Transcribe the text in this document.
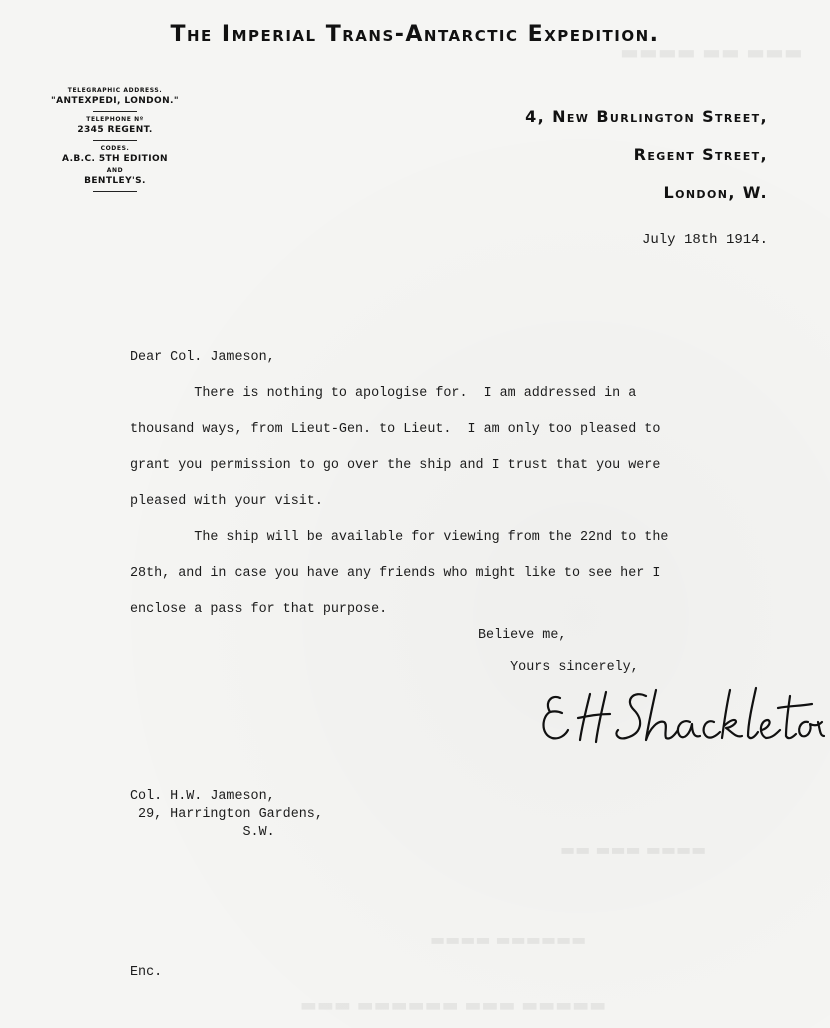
▬▬▬ ▬▬ ▬▬▬▬
▬▬▬▬ ▬▬▬ ▬▬
▬▬▬▬▬▬ ▬▬▬▬
▬▬▬▬▬ ▬▬▬ ▬▬▬▬▬▬ ▬▬▬
The Imperial Trans-Antarctic Expedition.
TELEGRAPHIC ADDRESS.
"ANTEXPEDI, LONDON."
TELEPHONE Nº
2345 REGENT.
CODES.
A.B.C. 5TH EDITION
AND
BENTLEY'S.
4, New Burlington Street,
Regent Street,
London, W.
July 18th 1914.
Dear Col. Jameson,
There is nothing to apologise for.  I am addressed in a
thousand ways, from Lieut-Gen. to Lieut.  I am only too pleased to
grant you permission to go over the ship and I trust that you were
pleased with your visit.
The ship will be available for viewing from the 22nd to the
28th, and in case you have any friends who might like to see her I
enclose a pass for that purpose.
Believe me,
Yours sincerely,
Col. H.W. Jameson,
29, Harrington Gardens,
S.W.
Enc.
